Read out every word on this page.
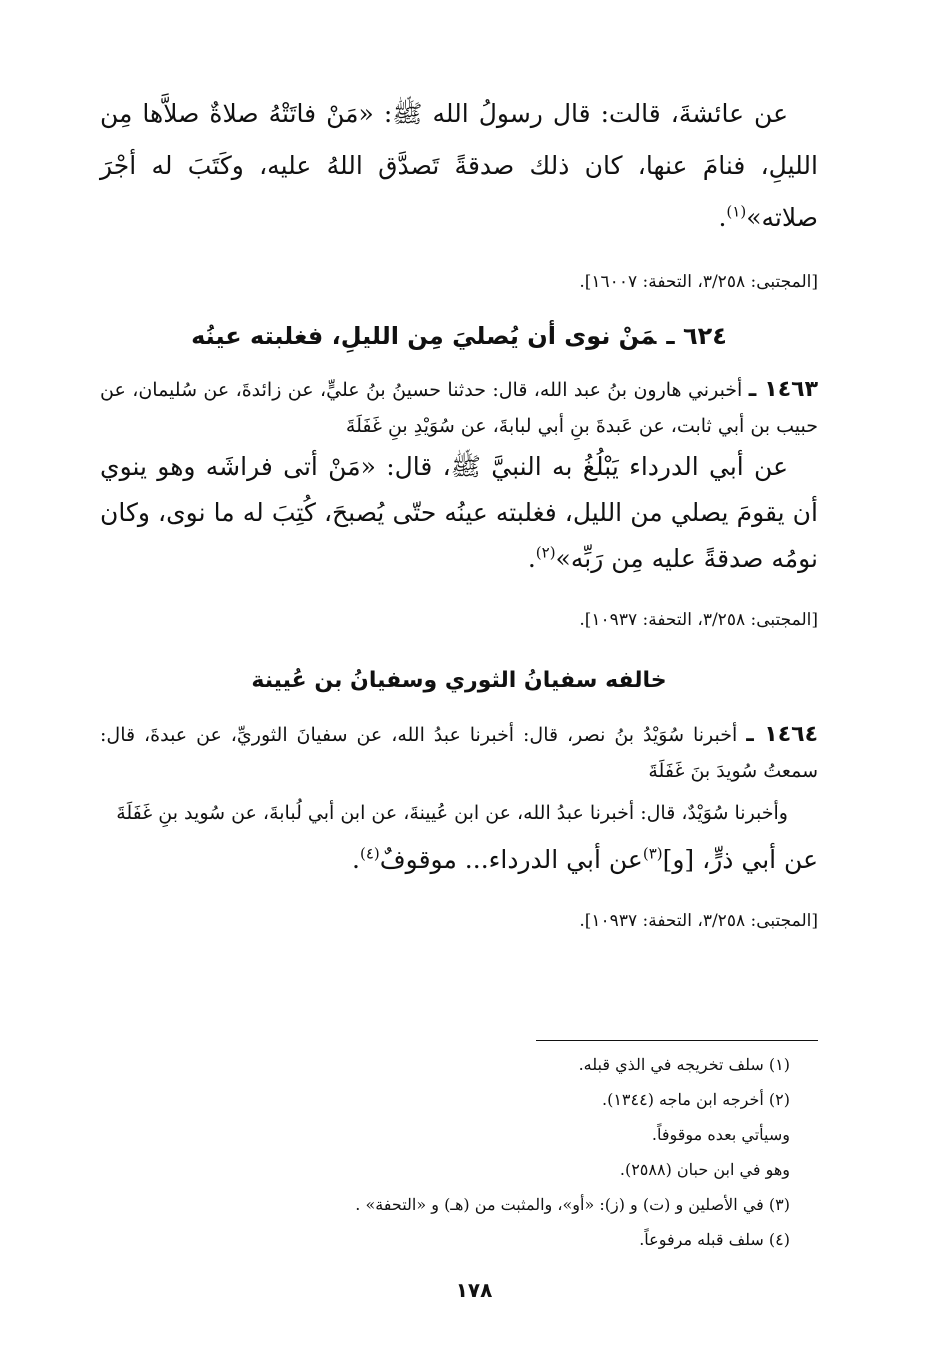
عن عائشةَ، قالت: قال رسولُ الله ﷺ: «مَنْ فاتَتْهُ صلاةٌ صلاَّها مِن الليلِ، فنامَ عنها، كان ذلك صدقةً تَصدَّق اللهُ عليه، وكَتَبَ له أجْرَ صلاته»$^{(١)}$.

[المجتبى: ٣/٢٥٨، التحفة: ١٦٠٠٧].

٦٢٤ ـمَنْ نوى أن يُصليَ مِن الليلِ، فغلبته عينُه

١٤٦٣ ـ أخبرني هارون بنُ عبد الله، قال: حدثنا حسينُ بنُ عليٍّ، عن زائدةَ، عن سُليمان، عن حبيب بن أبي ثابت، عن عَبدةَ بنِ أبي لبابةَ، عن سُوَيْدِ بنِ غَفَلَةَ

عن أبي الدرداء يَبْلُغُ به النبيَّ ﷺ، قال: «مَنْ أتى فراشَه وهو ينوي أن يقومَ يصلي من الليل، فغلبته عينُه حتّى يُصبحَ، كُتِبَ له ما نوى، وكان نومُه صدقةً عليه مِن رَبِّه»$^{(٢)}$.

[المجتبى: ٣/٢٥٨، التحفة: ١٠٩٣٧].

خالفه سفيانُ الثوري وسفيانُ بن عُيينة

١٤٦٤ ـ أخبرنا سُوَيْدُ بنُ نصر، قال: أخبرنا عبدُ الله، عن سفيانَ الثوريِّ، عن عبدةَ، قال: سمعتُ سُويدَ بنَ غَفَلَةَ

وأخبرنا سُوَيْدٌ، قال: أخبرنا عبدُ الله، عن ابن عُيينةَ، عن ابن أبي لُبابةَ، عن سُويد بنِ غَفَلَةَ

عن أبي ذرٍّ، [و]$^{(٣)}$عن أبي الدرداء... موقوفٌ$^{(٤)}$.

[المجتبى: ٣/٢٥٨، التحفة: ١٠٩٣٧].

(١) سلف تخريجه في الذي قبله.
(٢) أخرجه ابن ماجه (١٣٤٤).
وسيأتي بعده موقوفاً.
وهو في ابن حبان (٢٥٨٨).
(٣) في الأصلين و (ت) و (ز): «أو»، والمثبت من (هـ) و «التحفة» .
(٤) سلف قبله مرفوعاً.
١٧٨
